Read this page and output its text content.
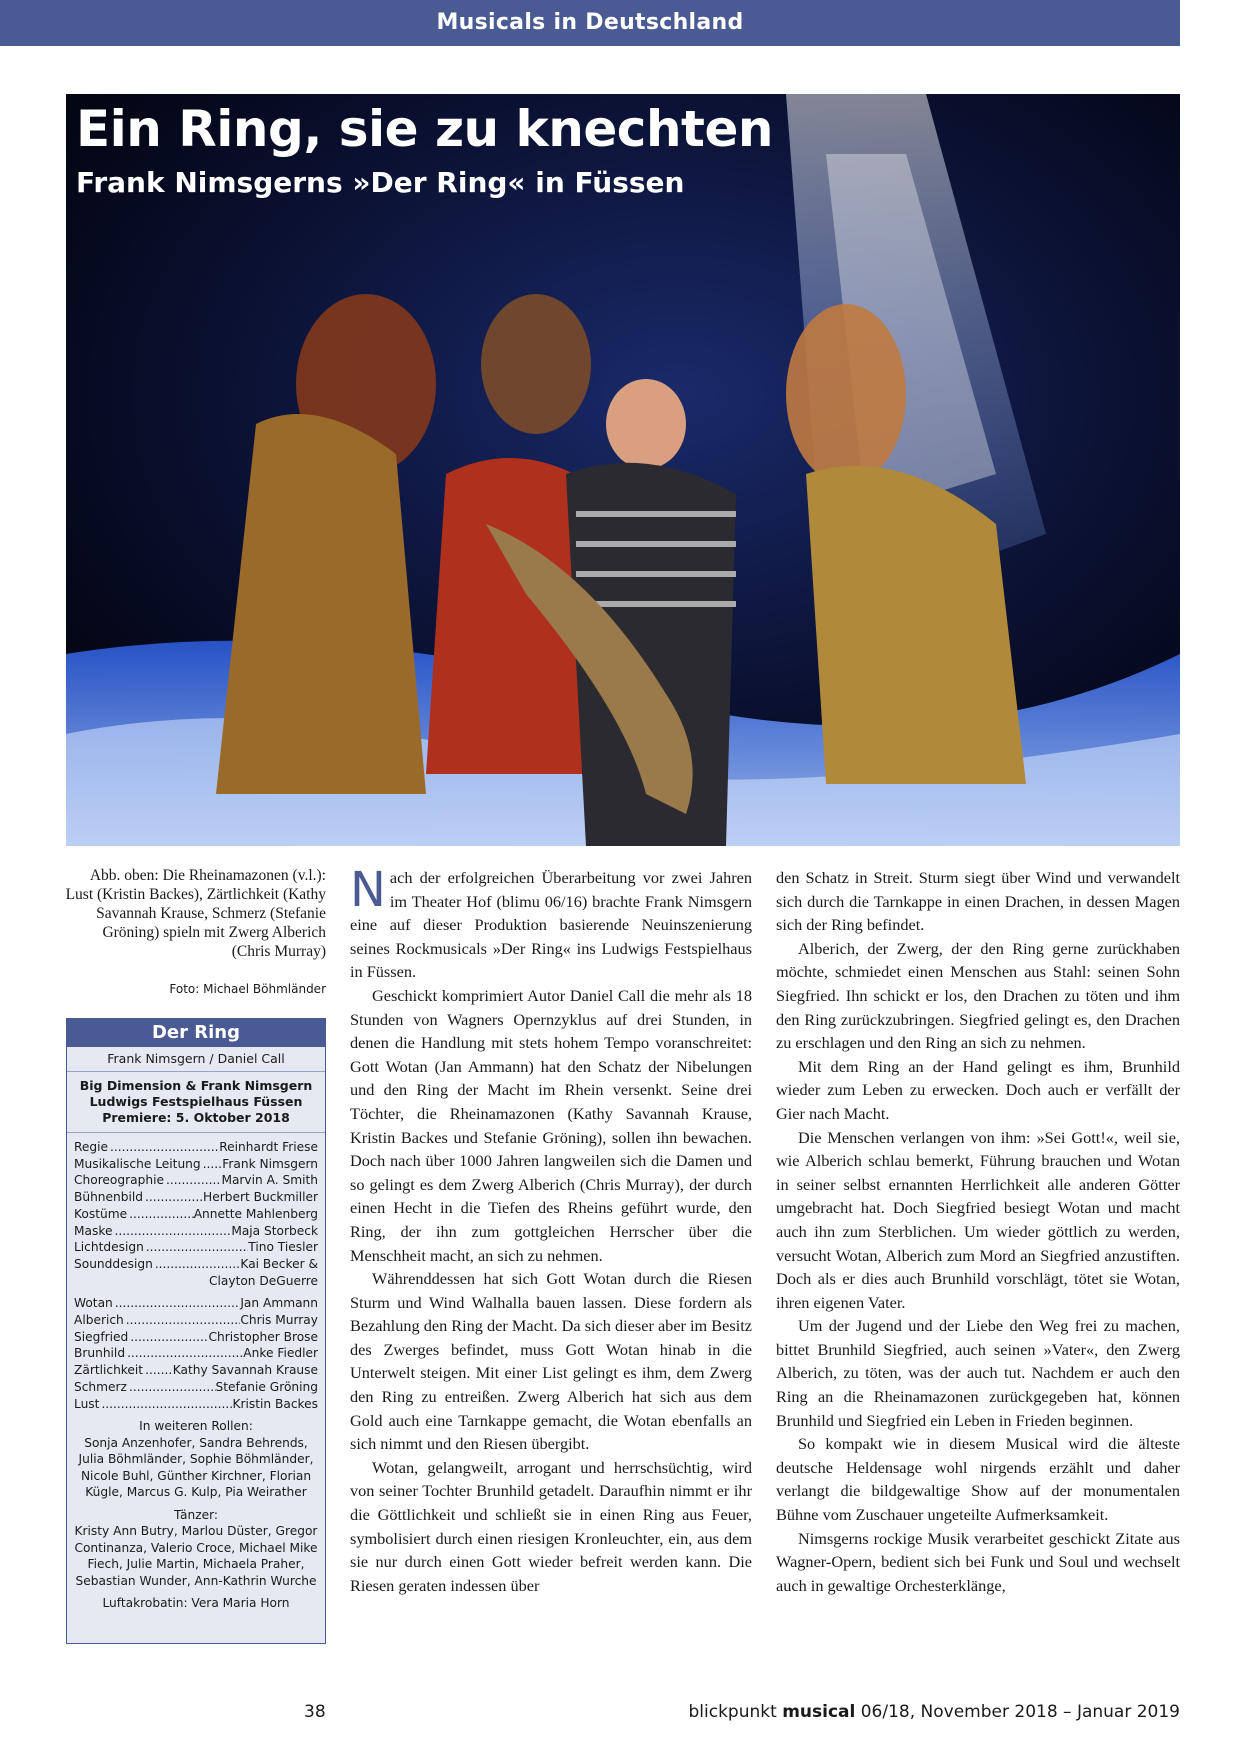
Musicals in Deutschland
Ein Ring, sie zu knechten
Frank Nimsgerns »Der Ring« in Füssen
Abb. oben: Die Rheinamazonen (v.l.): Lust (Kristin Backes), Zärtlichkeit (Kathy Savannah Krause, Schmerz (Stefanie Gröning) spieln mit Zwerg Alberich (Chris Murray)
Foto: Michael Böhmländer
Der Ring
Frank Nimsgern / Daniel Call
Big Dimension & Frank Nimsgern
Ludwigs Festspielhaus Füssen
Premiere: 5. Oktober 2018
Regie .....	Reinhardt Friese
Musikalische Leitung ..... Frank Nimsgern
Choreographie .....	Marvin A. Smith
Bühnenbild .....	Herbert Buckmiller
Kostüme .....	Annette Mahlenberg
Maske .....	Maja Storbeck
Lichtdesign .....	Tino Tiesler
Sounddesign .....	Kai Becker &
Clayton DeGuerre
Wotan .....	Jan Ammann
Alberich .....	Chris Murray
Siegfried .....	Christopher Brose
Brunhild .....	Anke Fiedler
Zärtlichkeit ..... Kathy Savannah Krause
Schmerz .....	Stefanie Gröning
Lust .....	Kristin Backes
In weiteren Rollen:
Sonja Anzenhofer, Sandra Behrends, Julia Böhmländer, Sophie Böhmländer, Nicole Buhl, Günther Kirchner, Florian Kügle, Marcus G. Kulp, Pia Weirather
Tänzer:
Kristy Ann Butry, Marlou Düster, Gregor Continanza, Valerio Croce, Michael Mike Fiech, Julie Martin, Michaela Praher, Sebastian Wunder, Ann-Kathrin Wurche
Luftakrobatin: Vera Maria Horn

Nach der erfolgreichen Überarbeitung vor zwei Jahren im Theater Hof (blimu 06/16) brachte Frank Nimsgern eine auf dieser Produktion basierende Neuinszenierung seines Rockmusicals »Der Ring« ins Ludwigs Festspielhaus in Füssen.

Geschickt komprimiert Autor Daniel Call die mehr als 18 Stunden von Wagners Opernzyklus auf drei Stunden, in denen die Handlung mit stets hohem Tempo voranschreitet: Gott Wotan (Jan Ammann) hat den Schatz der Nibelungen und den Ring der Macht im Rhein versenkt. Seine drei Töchter, die Rheinamazonen (Kathy Savannah Krause, Kristin Backes und Stefanie Gröning), sollen ihn bewachen. Doch nach über 1000 Jahren langweilen sich die Damen und so gelingt es dem Zwerg Alberich (Chris Murray), der durch einen Hecht in die Tiefen des Rheins geführt wurde, den Ring, der ihn zum gottgleichen Herrscher über die Menschheit macht, an sich zu nehmen.

Währenddessen hat sich Gott Wotan durch die Riesen Sturm und Wind Walhalla bauen lassen. Diese fordern als Bezahlung den Ring der Macht. Da sich dieser aber im Besitz des Zwerges befindet, muss Gott Wotan hinab in die Unterwelt steigen. Mit einer List gelingt es ihm, dem Zwerg den Ring zu entreißen. Zwerg Alberich hat sich aus dem Gold auch eine Tarnkappe gemacht, die Wotan ebenfalls an sich nimmt und den Riesen übergibt.

Wotan, gelangweilt, arrogant und herrschsüchtig, wird von seiner Tochter Brunhild getadelt. Daraufhin nimmt er ihr die Göttlichkeit und schließt sie in einen Ring aus Feuer, symbolisiert durch einen riesigen Kronleuchter, ein, aus dem sie nur durch einen Gott wieder befreit werden kann. Die Riesen geraten indessen über

den Schatz in Streit. Sturm siegt über Wind und verwandelt sich durch die Tarnkappe in einen Drachen, in dessen Magen sich der Ring befindet.

Alberich, der Zwerg, der den Ring gerne zurückhaben möchte, schmiedet einen Menschen aus Stahl: seinen Sohn Siegfried. Ihn schickt er los, den Drachen zu töten und ihm den Ring zurückzubringen. Siegfried gelingt es, den Drachen zu erschlagen und den Ring an sich zu nehmen.

Mit dem Ring an der Hand gelingt es ihm, Brunhild wieder zum Leben zu erwecken. Doch auch er verfällt der Gier nach Macht.

Die Menschen verlangen von ihm: »Sei Gott!«, weil sie, wie Alberich schlau bemerkt, Führung brauchen und Wotan in seiner selbst ernannten Herrlichkeit alle anderen Götter umgebracht hat. Doch Siegfried besiegt Wotan und macht auch ihn zum Sterblichen. Um wieder göttlich zu werden, versucht Wotan, Alberich zum Mord an Siegfried anzustiften. Doch als er dies auch Brunhild vorschlägt, tötet sie Wotan, ihren eigenen Vater.

Um der Jugend und der Liebe den Weg frei zu machen, bittet Brunhild Siegfried, auch seinen »Vater«, den Zwerg Alberich, zu töten, was der auch tut. Nachdem er auch den Ring an die Rheinamazonen zurückgegeben hat, können Brunhild und Siegfried ein Leben in Frieden beginnen.

So kompakt wie in diesem Musical wird die älteste deutsche Heldensage wohl nirgends erzählt und daher verlangt die bildgewaltige Show auf der monumentalen Bühne vom Zuschauer ungeteilte Aufmerksamkeit.

Nimsgerns rockige Musik verarbeitet geschickt Zitate aus Wagner-Opern, bedient sich bei Funk und Soul und wechselt auch in gewaltige Orchesterklänge,

38	blickpunkt musical 06/18, November 2018 – Januar 2019
